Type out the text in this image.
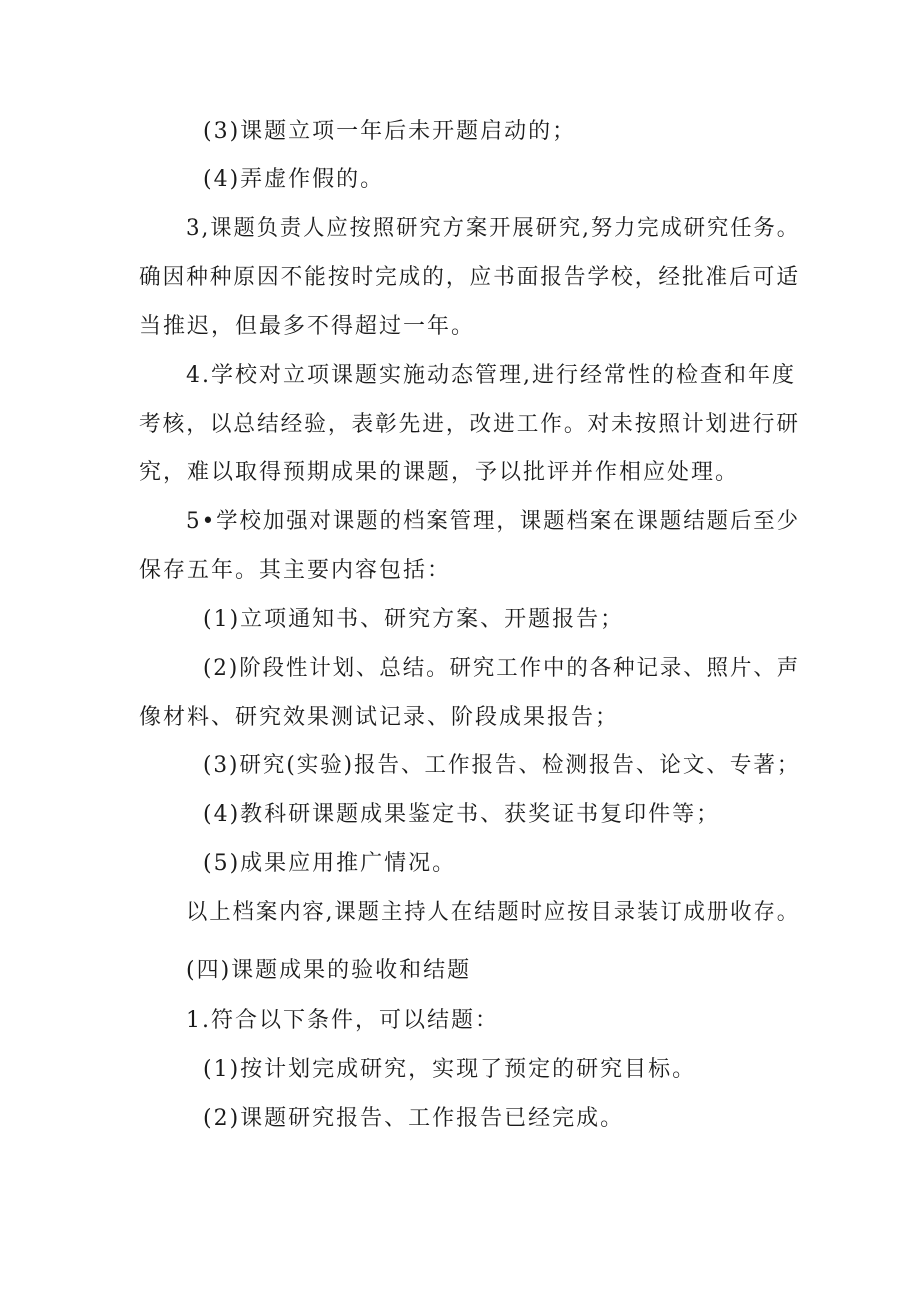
(3)课题立项一年后未开题启动的；
(4)弄虚作假的。
3,课题负责人应按照研究方案开展研究,努力完成研究任务。
确因种种原因不能按时完成的，应书面报告学校，经批准后可适
当推迟，但最多不得超过一年。
4.学校对立项课题实施动态管理,进行经常性的检查和年度
考核，以总结经验，表彰先进，改进工作。对未按照计划进行研
究，难以取得预期成果的课题，予以批评并作相应处理。
5•学校加强对课题的档案管理，课题档案在课题结题后至少
保存五年。其主要内容包括：
(1)立项通知书、研究方案、开题报告；
(2)阶段性计划、总结。研究工作中的各种记录、照片、声
像材料、研究效果测试记录、阶段成果报告；
(3)研究(实验)报告、工作报告、检测报告、论文、专著；
(4)教科研课题成果鉴定书、获奖证书复印件等；
(5)成果应用推广情况。
以上档案内容,课题主持人在结题时应按目录装订成册收存。
(四)课题成果的验收和结题
1.符合以下条件，可以结题：
(1)按计划完成研究，实现了预定的研究目标。
(2)课题研究报告、工作报告已经完成。
